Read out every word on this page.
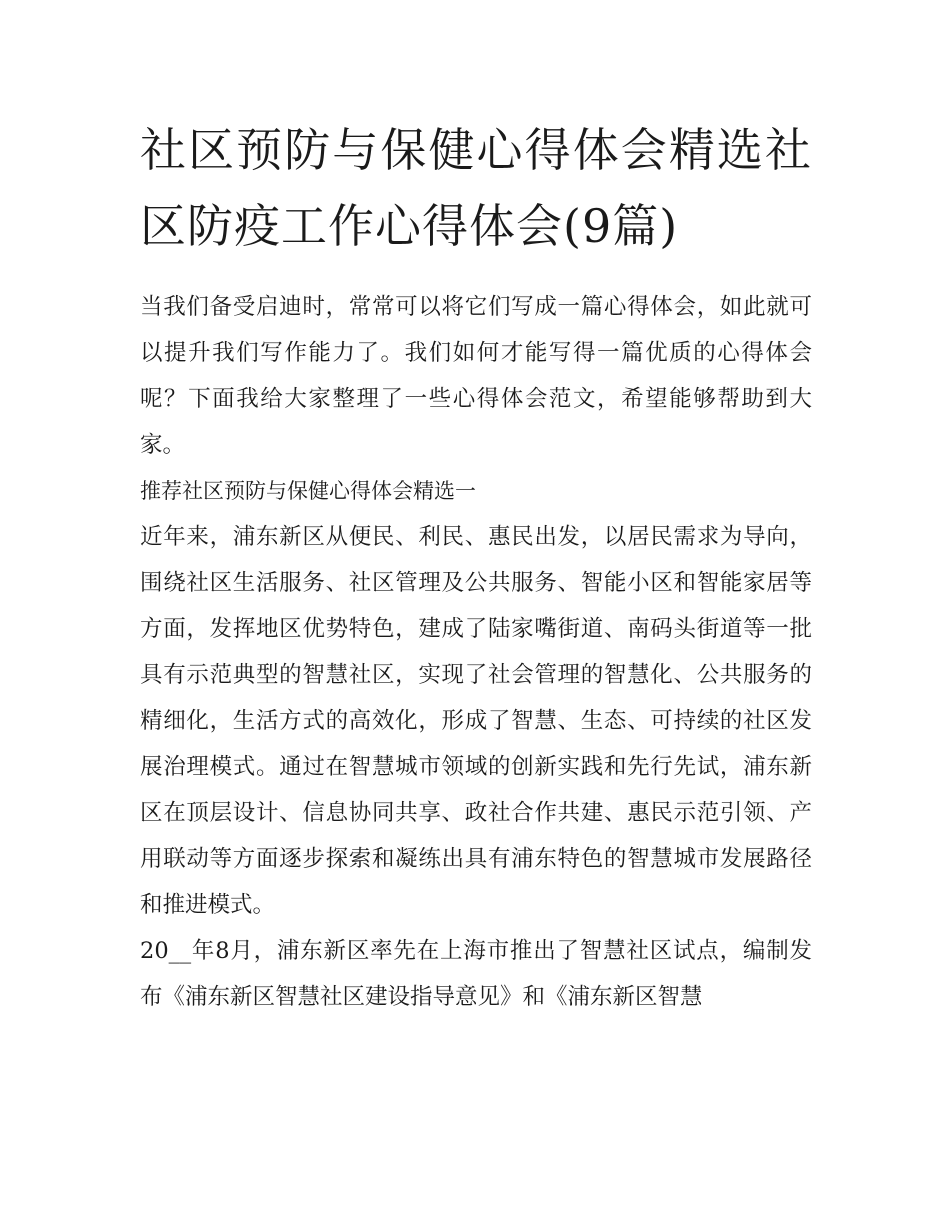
社区预防与保健心得体会精选社区防疫工作心得体会(9篇)

当我们备受启迪时，常常可以将它们写成一篇心得体会，如此就可以提升我们写作能力了。我们如何才能写得一篇优质的心得体会呢？下面我给大家整理了一些心得体会范文，希望能够帮助到大家。

推荐社区预防与保健心得体会精选一

近年来，浦东新区从便民、利民、惠民出发，以居民需求为导向，围绕社区生活服务、社区管理及公共服务、智能小区和智能家居等方面，发挥地区优势特色，建成了陆家嘴街道、南码头街道等一批具有示范典型的智慧社区，实现了社会管理的智慧化、公共服务的精细化，生活方式的高效化，形成了智慧、生态、可持续的社区发展治理模式。通过在智慧城市领域的创新实践和先行先试，浦东新区在顶层设计、信息协同共享、政社合作共建、惠民示范引领、产用联动等方面逐步探索和凝练出具有浦东特色的智慧城市发展路径和推进模式。

20__年8月，浦东新区率先在上海市推出了智慧社区试点，编制发布《浦东新区智慧社区建设指导意见》和《浦东新区智慧
